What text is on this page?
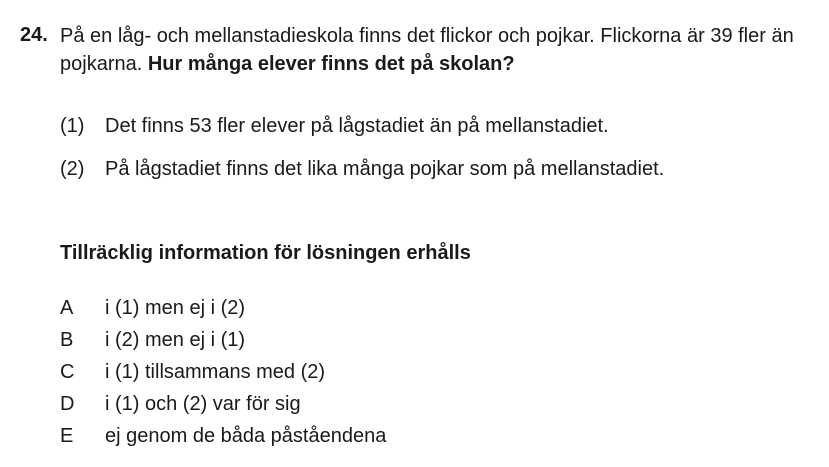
24. På en låg- och mellanstadieskola finns det flickor och pojkar. Flickorna är 39 fler än pojkarna. Hur många elever finns det på skolan?
(1) Det finns 53 fler elever på lågstadiet än på mellanstadiet.
(2) På lågstadiet finns det lika många pojkar som på mellanstadiet.
Tillräcklig information för lösningen erhålls
A i (1) men ej i (2)
B i (2) men ej i (1)
C i (1) tillsammans med (2)
D i (1) och (2) var för sig
E ej genom de båda påståendena
